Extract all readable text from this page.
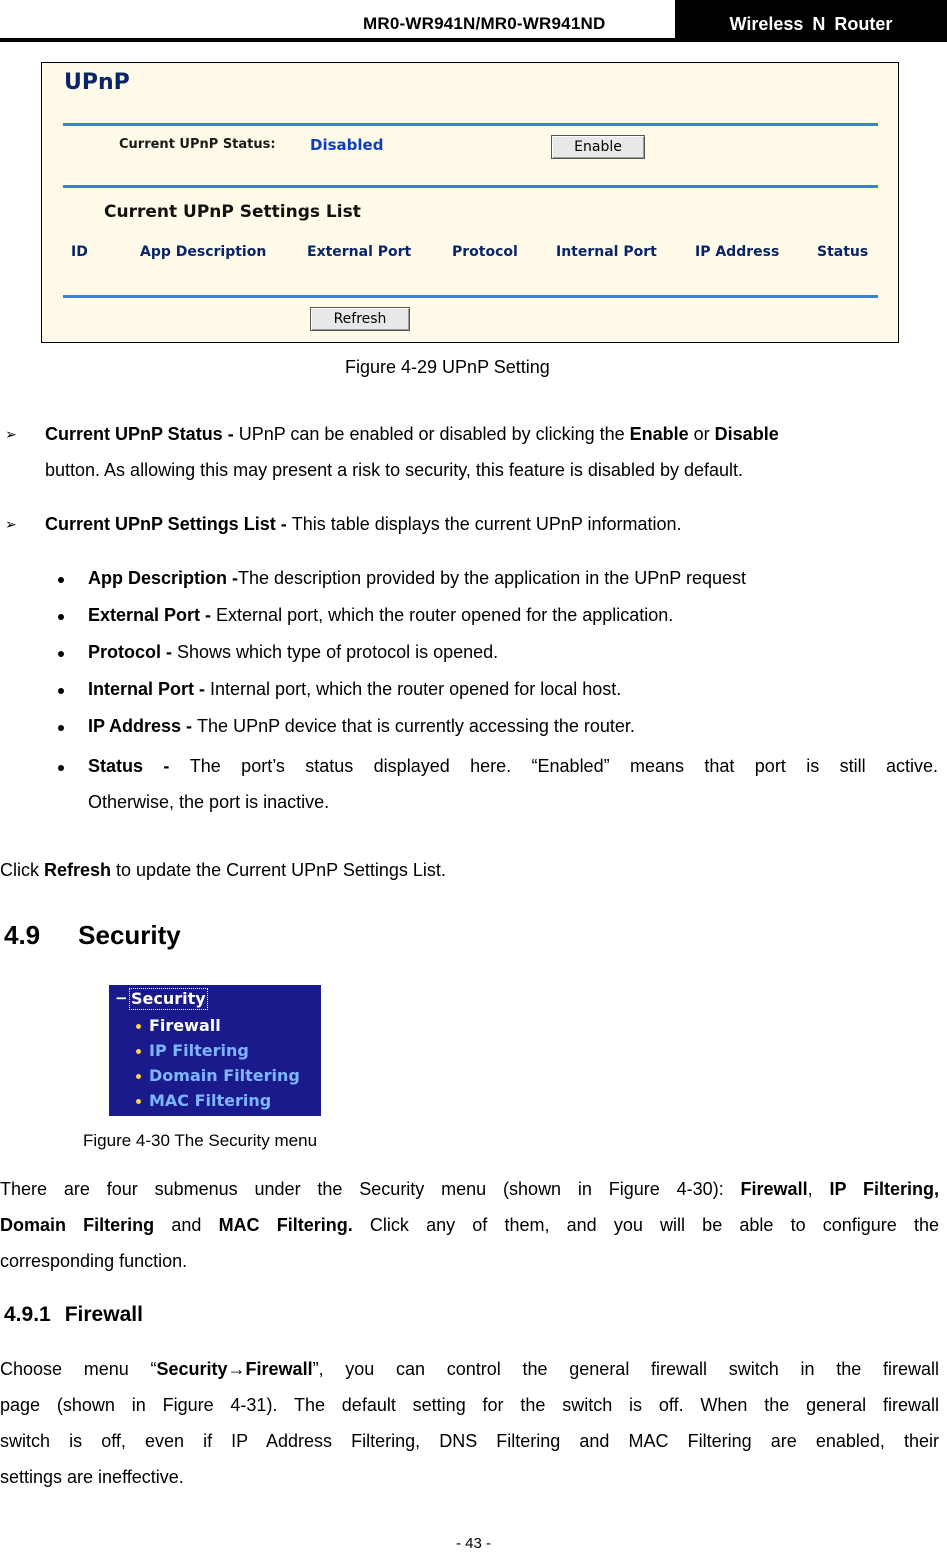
MR0-WR941N/MR0-WR941ND	Wireless N Router
UPnP
Current UPnP Status: Disabled	Enable
Current UPnP Settings List
ID	App Description	External Port	Protocol	Internal Port	IP Address	Status
Refresh
Figure 4-29 UPnP Setting
➢ Current UPnP Status - UPnP can be enabled or disabled by clicking the Enable or Disable
button. As allowing this may present a risk to security, this feature is disabled by default.
➢ Current UPnP Settings List - This table displays the current UPnP information.
App Description -The description provided by the application in the UPnP request
External Port - External port, which the router opened for the application.
Protocol - Shows which type of protocol is opened.
Internal Port - Internal port, which the router opened for local host.
IP Address - The UPnP device that is currently accessing the router.
Status - The port’s status displayed here. “Enabled” means that port is still active.
Otherwise, the port is inactive.
Click Refresh to update the Current UPnP Settings List.
4.9 Security
− Security
Firewall
IP Filtering
Domain Filtering
MAC Filtering
Figure 4-30 The Security menu
There are four submenus under the Security menu (shown in Figure 4-30): Firewall, IP Filtering,
Domain Filtering and MAC Filtering. Click any of them, and you will be able to configure the
corresponding function.
4.9.1 Firewall
Choose menu “Security→Firewall”, you can control the general firewall switch in the firewall
page (shown in Figure 4-31). The default setting for the switch is off. When the general firewall
switch is off, even if IP Address Filtering, DNS Filtering and MAC Filtering are enabled, their
settings are ineffective.
- 43 -
